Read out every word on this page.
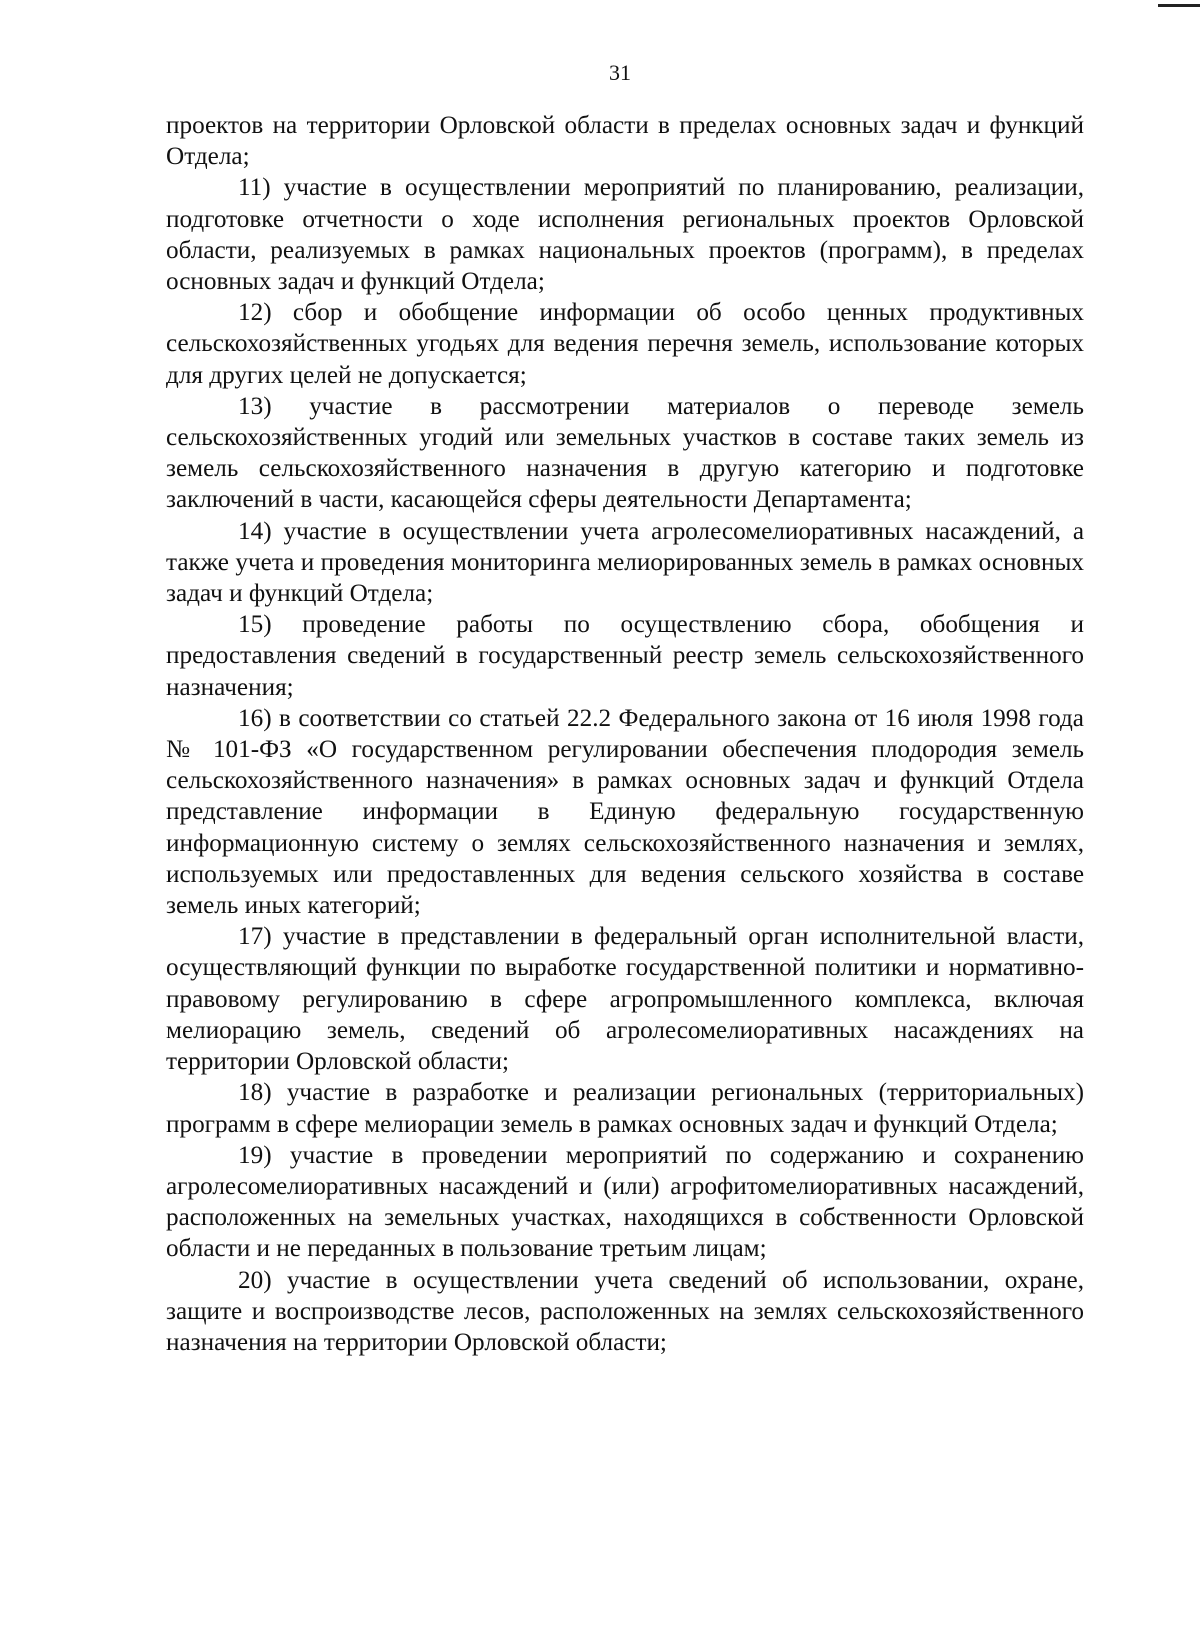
31

проектов на территории Орловской области в пределах основных задач и функций Отдела;

11) участие в осуществлении мероприятий по планированию, реализации, подготовке отчетности о ходе исполнения региональных проектов Орловской области, реализуемых в рамках национальных проектов (программ), в пределах основных задач и функций Отдела;

12) сбор и обобщение информации об особо ценных продуктивных сельскохозяйственных угодьях для ведения перечня земель, использование которых для других целей не допускается;

13) участие в рассмотрении материалов о переводе земель сельскохозяйственных угодий или земельных участков в составе таких земель из земель сельскохозяйственного назначения в другую категорию и подготовке заключений в части, касающейся сферы деятельности Департамента;

14) участие в осуществлении учета агролесомелиоративных насаждений, а также учета и проведения мониторинга мелиорированных земель в рамках основных задач и функций Отдела;

15) проведение работы по осуществлению сбора, обобщения и предоставления сведений в государственный реестр земель сельскохозяйственного назначения;

16) в соответствии со статьей 22.2 Федерального закона от 16 июля 1998 года № 101-ФЗ «О государственном регулировании обеспечения плодородия земель сельскохозяйственного назначения» в рамках основных задач и функций Отдела представление информации в Единую федеральную государственную информационную систему о землях сельскохозяйственного назначения и землях, используемых или предоставленных для ведения сельского хозяйства в составе земель иных категорий;

17) участие в представлении в федеральный орган исполнительной власти, осуществляющий функции по выработке государственной политики и нормативно-правовому регулированию в сфере агропромышленного комплекса, включая мелиорацию земель, сведений об агролесомелиоративных насаждениях на территории Орловской области;

18) участие в разработке и реализации региональных (территориальных) программ в сфере мелиорации земель в рамках основных задач и функций Отдела;

19) участие в проведении мероприятий по содержанию и сохранению агролесомелиоративных насаждений и (или) агрофитомелиоративных насаждений, расположенных на земельных участках, находящихся в собственности Орловской области и не переданных в пользование третьим лицам;

20) участие в осуществлении учета сведений об использовании, охране, защите и воспроизводстве лесов, расположенных на землях сельскохозяйственного назначения на территории Орловской области;
